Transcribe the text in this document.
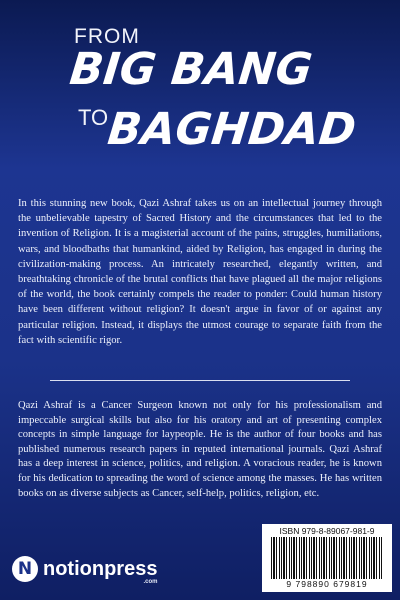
FROM
BIG BANG
TO
BAGHDAD

In this stunning new book, Qazi Ashraf takes us on an intellectual journey through the unbelievable tapestry of Sacred History and the circumstances that led to the invention of Religion. It is a magisterial account of the pains, struggles, humiliations, wars, and bloodbaths that humankind, aided by Religion, has engaged in during the civilization-making process. An intricately researched, elegantly written, and breathtaking chronicle of the brutal conflicts that have plagued all the major religions of the world, the book certainly compels the reader to ponder: Could human history have been different without religion? It doesn't argue in favor of or against any particular religion. Instead, it displays the utmost courage to separate faith from the fact with scientific rigor.

Qazi Ashraf is a Cancer Surgeon known not only for his professionalism and impeccable surgical skills but also for his oratory and art of presenting complex concepts in simple language for laypeople. He is the author of four books and has published numerous research papers in reputed international journals. Qazi Ashraf has a deep interest in science, politics, and religion. A voracious reader, he is known for his dedication to spreading the word of science among the masses. He has written books on as diverse subjects as Cancer, self-help, politics, religion, etc.

ISBN 979-8-89067-981-9
9 798890 679819
N notionpress
.com
